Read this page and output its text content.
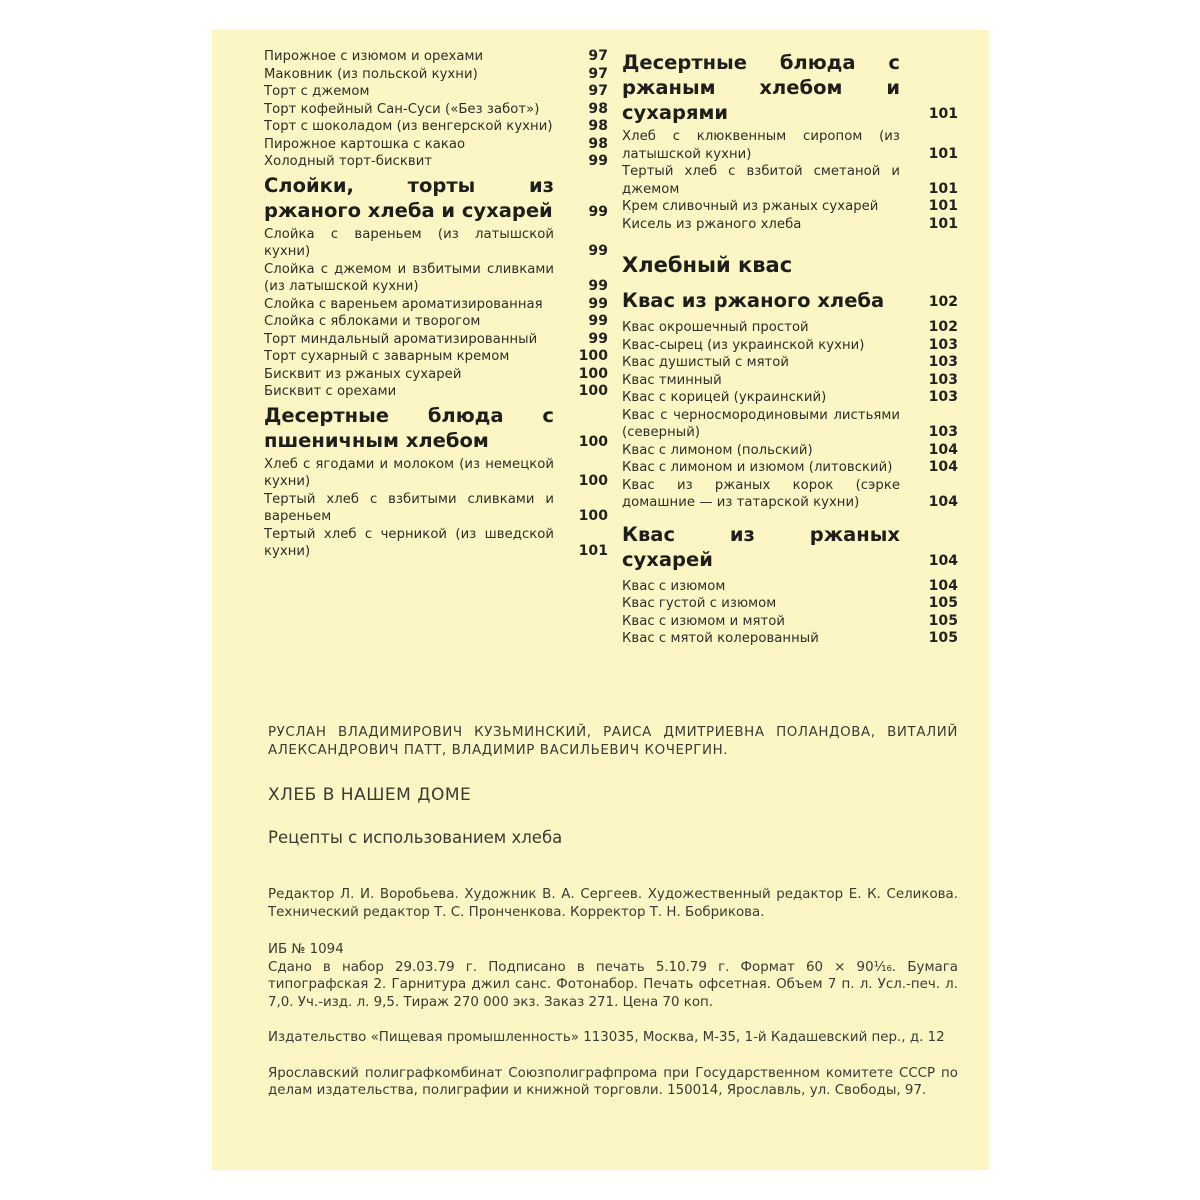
Пирожное с изюмом и орехами	97
Маковник (из польской кухни)	97
Торт с джемом	97
Торт кофейный Сан-Суси («Без забот»)	98
Торт с шоколадом (из венгерской кухни)	98
Пирожное картошка с какао	98
Холодный торт-бисквит	99
Слойки, торты из ржаного хлеба и сухарей	99
Слойка с вареньем (из латышской кухни)	99
Слойка с джемом и взбитыми сливками (из латышской кухни)	99
Слойка с вареньем ароматизированная	99
Слойка с яблоками и творогом	99
Торт миндальный ароматизированный	99
Торт сухарный с заварным кремом	100
Бисквит из ржаных сухарей	100
Бисквит с орехами	100
Десертные блюда с пшеничным хлебом	100
Хлеб с ягодами и молоком (из немецкой кухни)	100
Тертый хлеб с взбитыми сливками и вареньем	100
Тертый хлеб с черникой (из шведской кухни)	101
Десертные блюда с ржаным хлебом и сухарями	101
Хлеб с клюквенным сиропом (из латышской кухни)	101
Тертый хлеб с взбитой сметаной и джемом	101
Крем сливочный из ржаных сухарей	101
Кисель из ржаного хлеба	101
Хлебный квас
Квас из ржаного хлеба	102
Квас окрошечный простой	102
Квас-сырец (из украинской кухни)	103
Квас душистый с мятой	103
Квас тминный	103
Квас с корицей (украинский)	103
Квас с черносмородиновыми листьями (северный)	103
Квас с лимоном (польский)	104
Квас с лимоном и изюмом (литовский)	104
Квас из ржаных корок (сэрке домашние — из татарской кухни)	104
Квас из ржаных сухарей	104
Квас с изюмом	104
Квас густой с изюмом	105
Квас с изюмом и мятой	105
Квас с мятой колерованный	105

РУСЛАН ВЛАДИМИРОВИЧ КУЗЬМИНСКИЙ, РАИСА ДМИТРИЕВНА ПОЛАНДОВА, ВИТАЛИЙ АЛЕКСАНДРОВИЧ ПАТТ, ВЛАДИМИР ВАСИЛЬЕВИЧ КОЧЕРГИН.

ХЛЕБ В НАШЕМ ДОМЕ

Рецепты с использованием хлеба

Редактор Л. И. Воробьева. Художник В. А. Сергеев. Художественный редактор Е. К. Селикова. Технический редактор Т. С. Пронченкова. Корректор Т. Н. Бобрикова.

ИБ № 1094

Сдано в набор 29.03.79 г. Подписано в печать 5.10.79 г. Формат 60 × 90¹⁄₁₆. Бумага типографская 2. Гарнитура джил санс. Фотонабор. Печать офсетная. Объем 7 п. л. Усл.-печ. л. 7,0. Уч.-изд. л. 9,5. Тираж 270 000 экз. Заказ 271. Цена 70 коп.

Издательство «Пищевая промышленность» 113035, Москва, М-35, 1-й Кадашевский пер., д. 12

Ярославский полиграфкомбинат Союзполиграфпрома при Государственном комитете СССР по делам издательства, полиграфии и книжной торговли. 150014, Ярославль, ул. Свободы, 97.
